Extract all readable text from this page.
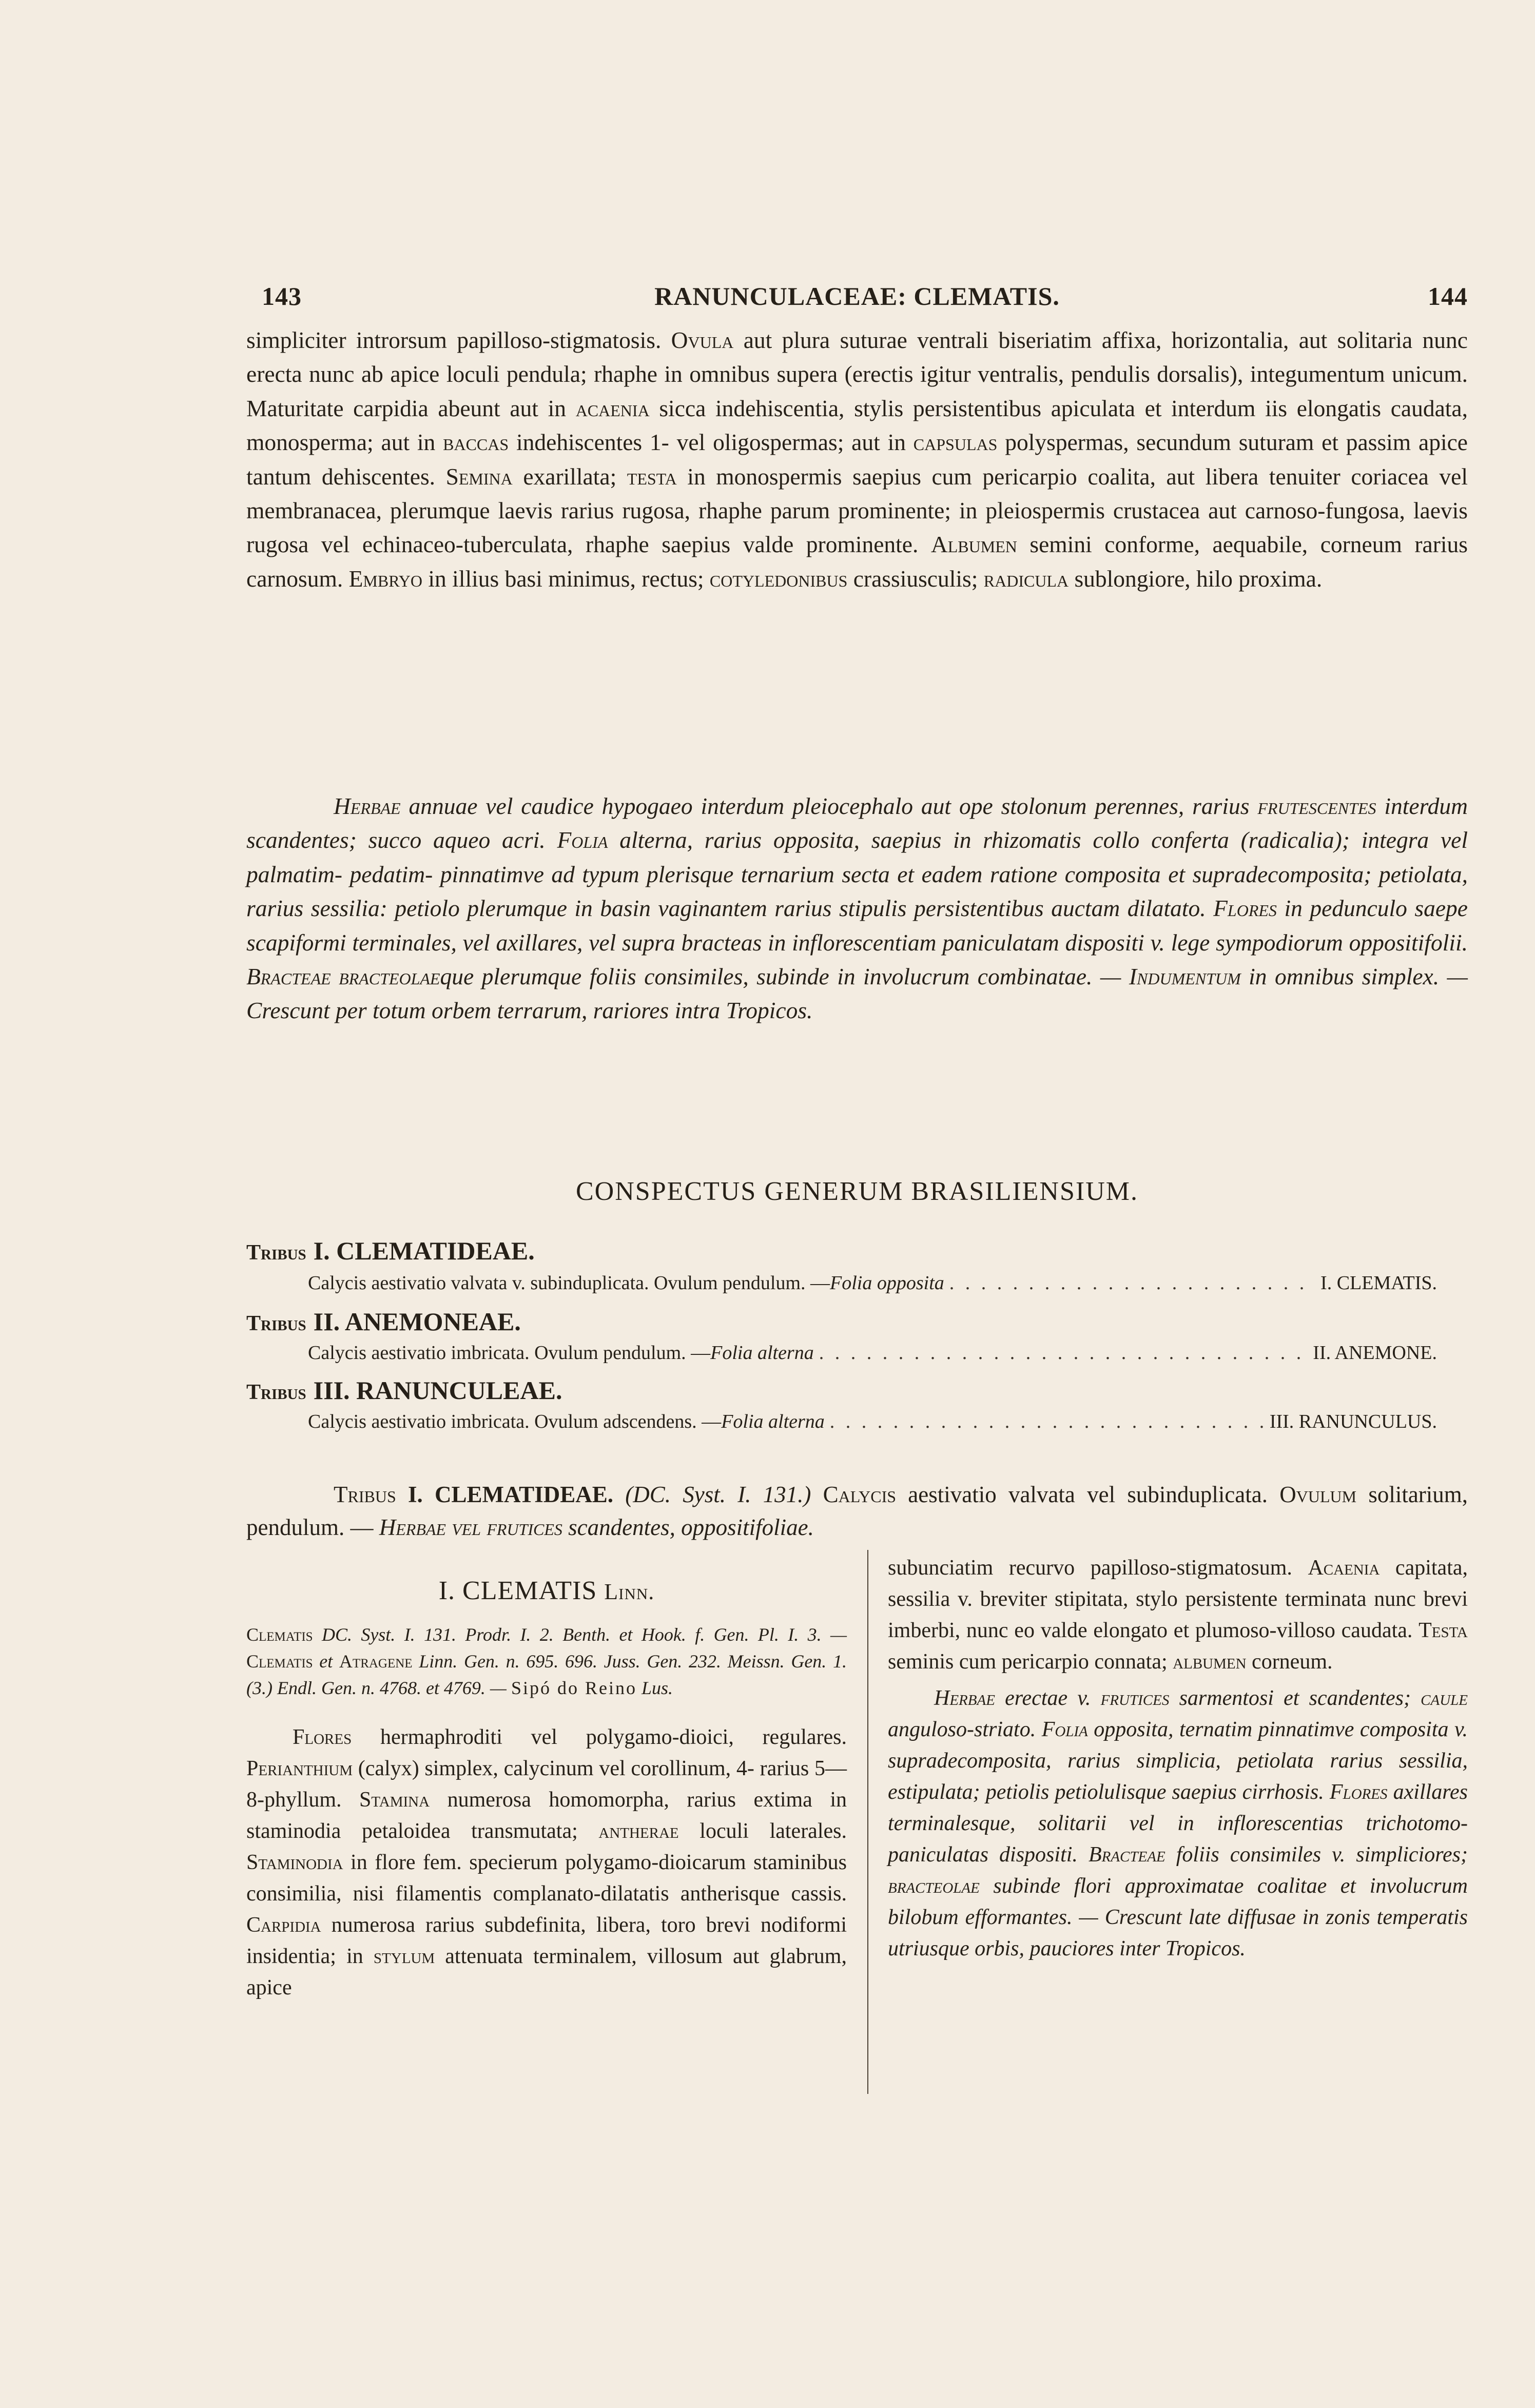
143	RANUNCULACEAE: CLEMATIS.	144

simpliciter introrsum papilloso-stigmatosis. Ovula aut plura suturae ventrali biseriatim affixa, horizontalia, aut solitaria nunc erecta nunc ab apice loculi pendula; rhaphe in omnibus supera (erectis igitur ventralis, pendulis dorsalis), integumentum unicum. Maturitate carpidia abeunt aut in acaenia sicca indehiscentia, stylis persistentibus apiculata et interdum iis elongatis caudata, monosperma; aut in baccas indehiscentes 1- vel oligospermas; aut in capsulas polyspermas, secundum suturam et passim apice tantum dehiscentes. Semina exarillata; testa in monospermis saepius cum pericarpio coalita, aut libera tenuiter coriacea vel membranacea, plerumque laevis rarius rugosa, rhaphe parum prominente; in pleiospermis crustacea aut carnoso-fungosa, laevis rugosa vel echinaceo-tuberculata, rhaphe saepius valde prominente. Albumen semini conforme, aequabile, corneum rarius carnosum. Embryo in illius basi minimus, rectus; cotyledonibus crassiusculis; radicula sublongiore, hilo proxima.

Herbae annuae vel caudice hypogaeo interdum pleiocephalo aut ope stolonum perennes, rarius frutescentes interdum scandentes; succo aqueo acri. Folia alterna, rarius opposita, saepius in rhizomatis collo conferta (radicalia); integra vel palmatim- pedatim- pinnatimve ad typum plerisque ternarium secta et eadem ratione composita et supradecomposita; petiolata, rarius sessilia: petiolo plerumque in basin vaginantem rarius stipulis persistentibus auctam dilatato. Flores in pedunculo saepe scapiformi terminales, vel axillares, vel supra bracteas in inflorescentiam paniculatam dispositi v. lege sympodiorum oppositifolii. Bracteae bracteolaeque plerumque foliis consimiles, subinde in involucrum combinatae. — Indumentum in omnibus simplex. — Crescunt per totum orbem terrarum, rariores intra Tropicos.

CONSPECTUS GENERUM BRASILIENSIUM.
Tribus I. CLEMATIDEAE.
Calycis aestivatio valvata v. subinduplicata. Ovulum pendulum. — Folia opposita . . .	I. CLEMATIS.
Tribus II. ANEMONEAE.
Calycis aestivatio imbricata. Ovulum pendulum. — Folia alterna . . .	II. ANEMONE.
Tribus III. RANUNCULEAE.
Calycis aestivatio imbricata. Ovulum adscendens. — Folia alterna . . .	III. RANUNCULUS.

Tribus I. CLEMATIDEAE. (DC. Syst. I. 131.) Calycis aestivatio valvata vel subinduplicata. Ovulum solitarium, pendulum. — Herbae vel frutices scandentes, oppositifoliae.

I. CLEMATIS Linn.

Clematis DC. Syst. I. 131. Prodr. I. 2. Benth. et Hook. f. Gen. Pl. I. 3. — Clematis et Atragene Linn. Gen. n. 695. 696. Juss. Gen. 232. Meissn. Gen. 1. (3.) Endl. Gen. n. 4768. et 4769. — Sipó do Reino Lus.

Flores hermaphroditi vel polygamo-dioici, regulares. Perianthium (calyx) simplex, calycinum vel corollinum, 4- rarius 5—8-phyllum. Stamina numerosa homomorpha, rarius extima in staminodia petaloidea transmutata; antherae loculi laterales. Staminodia in flore fem. specierum polygamo-dioicarum staminibus consimilia, nisi filamentis complanato-dilatatis antherisque cassis. Carpidia numerosa rarius subdefinita, libera, toro brevi nodiformi insidentia; in stylum attenuata terminalem, villosum aut glabrum, apice

subunciatim recurvo papilloso-stigmatosum. Acaenia capitata, sessilia v. breviter stipitata, stylo persistente terminata nunc brevi imberbi, nunc eo valde elongato et plumoso-villoso caudata. Testa seminis cum pericarpio connata; albumen corneum.

Herbae erectae v. frutices sarmentosi et scandentes; caule anguloso-striato. Folia opposita, ternatim pinnatimve composita v. supradecomposita, rarius simplicia, petiolata rarius sessilia, estipulata; petiolis petiolulisque saepius cirrhosis. Flores axillares terminalesque, solitarii vel in inflorescentias trichotomo-paniculatas dispositi. Bracteae foliis consimiles v. simpliciores; bracteolae subinde flori approximatae coalitae et involucrum bilobum efformantes. — Crescunt late diffusae in zonis temperatis utriusque orbis, pauciores inter Tropicos.
